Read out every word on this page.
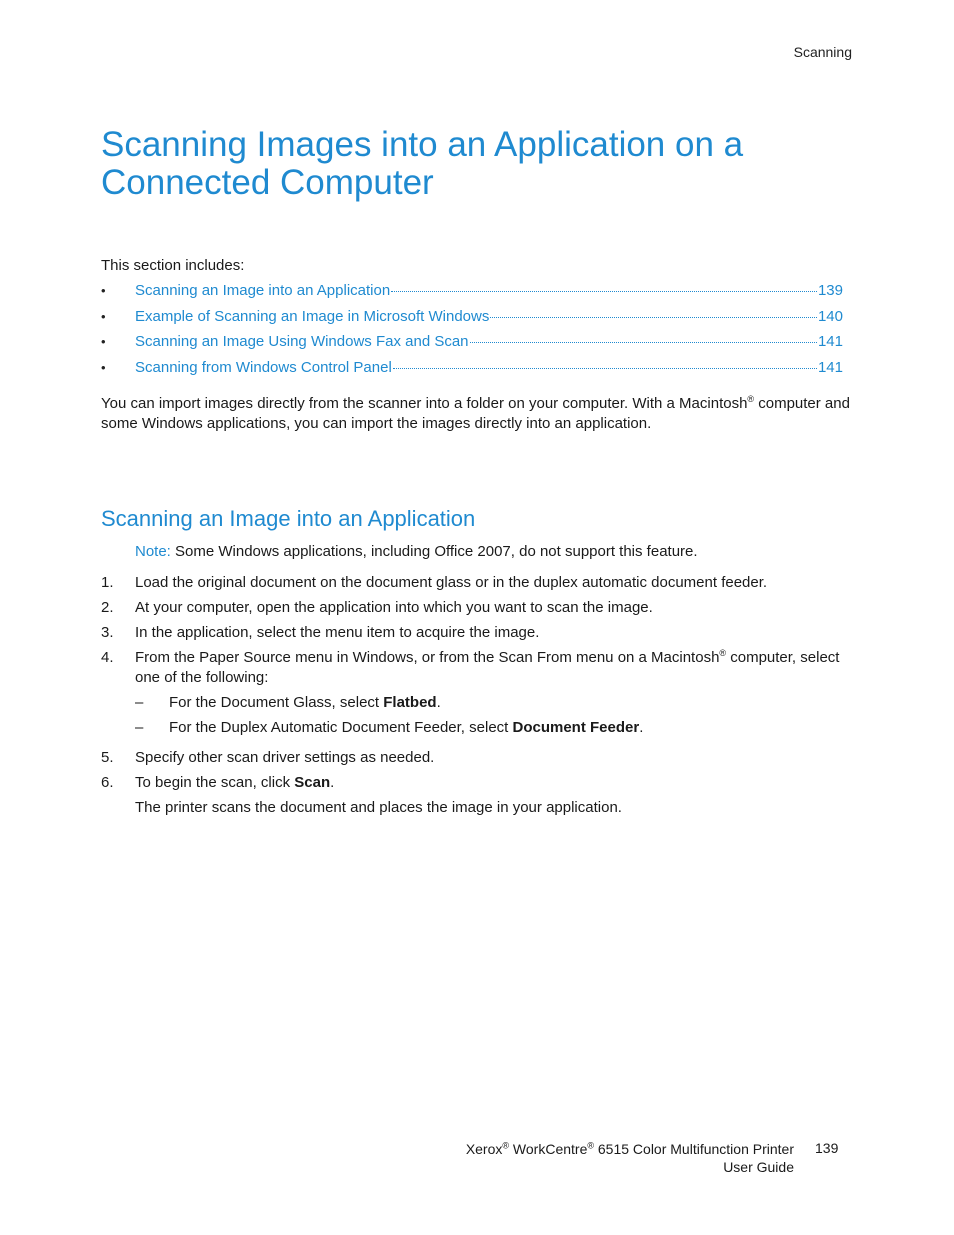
Scanning
Scanning Images into an Application on a Connected Computer
This section includes:
•	Scanning an Image into an Application	139
•	Example of Scanning an Image in Microsoft Windows	140
•	Scanning an Image Using Windows Fax and Scan	141
•	Scanning from Windows Control Panel	141

You can import images directly from the scanner into a folder on your computer. With a Macintosh® computer and some Windows applications, you can import the images directly into an application.

Scanning an Image into an Application

Note: Some Windows applications, including Office 2007, do not support this feature.

1.	Load the original document on the document glass or in the duplex automatic document feeder.
2.	At your computer, open the application into which you want to scan the image.
3.	In the application, select the menu item to acquire the image.
4.	From the Paper Source menu in Windows, or from the Scan From menu on a Macintosh® computer, select one of the following:
–	For the Document Glass, select Flatbed.
–	For the Duplex Automatic Document Feeder, select Document Feeder.
5.	Specify other scan driver settings as needed.
6.	To begin the scan, click Scan.
The printer scans the document and places the image in your application.
Xerox® WorkCentre® 6515 Color Multifunction Printer
User Guide
139
